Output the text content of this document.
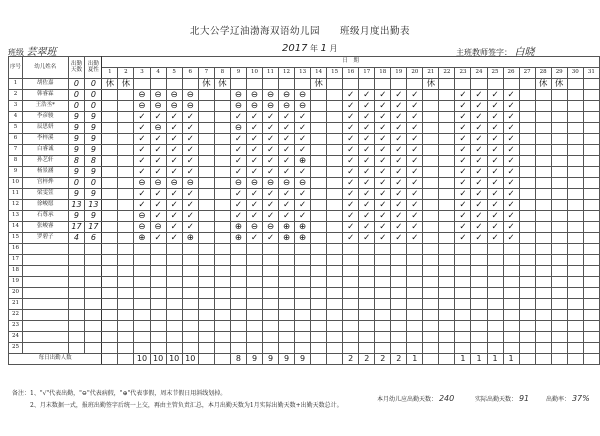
北大公学辽油渤海双语幼儿园　　班级月度出勤表
班级 芸翠班	2017 年 1 月	主班教师签字： 白晓
序号	幼儿姓名	出勤
天数	出勤
夏性	日　期																														
				1	2	3	4	5	6	7	8	9	10	11	12	13	14	15	16	17	18	19	20	21	22	23	24	25	26	27	28	29	30	31
1	胡佐嘉	0	0	休	休					休	休						休							休							休	休		
2	韩睿霖	0	0			⊖	⊖	⊖	⊖			⊖	⊖	⊖	⊖	⊖			✓	✓	✓	✓	✓			✓	✓	✓	✓					
3	王浩丞*	0	0			⊖	⊖	⊖	⊖			⊖	⊖	⊖	⊖	⊖			✓	✓	✓	✓	✓			✓	✓	✓	✓					
4	李彦骏	9	9			✓	✓	✓	✓			✓	✓	✓	✓	✓			✓	✓	✓	✓	✓			✓	✓	✓	✓					
5	辰思妍	9	9			✓	⊖	✓	✓			⊖	✓	✓	✓	✓			✓	✓	✓	✓	✓			✓	✓	✓	✓					
6	李梓溪	9	9			✓	✓	✓	✓			✓	✓	✓	✓	✓			✓	✓	✓	✓	✓			✓	✓	✓	✓					
7	白睿诚	9	9			✓	✓	✓	✓			✓	✓	✓	✓	✓			✓	✓	✓	✓	✓			✓	✓	✓	✓					
8	孙艺轩	8	8			✓	✓	✓	✓			✓	✓	✓	✓	⊕			✓	✓	✓	✓	✓			✓	✓	✓	✓					
9	杨景涵	9	9			✓	✓	✓	✓			✓	✓	✓	✓	✓			✓	✓	✓	✓	✓			✓	✓	✓	✓					
10	宫梓烨	0	0			⊖	⊖	⊖	⊖			⊖	⊖	⊖	⊖	⊖			✓	✓	✓	✓	✓			✓	✓	✓	✓					
11	梁雯萱	9	9			✓	✓	✓	✓			✓	✓	✓	✓	✓			✓	✓	✓	✓	✓			✓	✓	✓	✓					
12	徐峻愿	13	13			✓	✓	✓	✓			✓	✓	✓	✓	✓			✓	✓	✓	✓	✓			✓	✓	✓	✓					
13	石尊承	9	9			⊖	✓	✓	✓			✓	✓	✓	✓	✓			✓	✓	✓	✓	✓			✓	✓	✓	✓					
14	张峻睿	17	17			⊖	⊖	✓	✓			⊕	⊖	⊖	⊕	⊕			✓	✓	✓	✓	✓			✓	✓	✓	✓					
15	罗碧子	4	6			⊕	✓	✓	⊕			⊕	✓	✓	⊕	⊕			✓	✓	✓	✓	✓			✓	✓	✓	✓					
16																																		
17																																		
18																																		
19																																		
20																																		
21																																		
22																																		
23																																		
24																																		
25																																		
每日出勤人数						10	10	10	10			8	9	9	9	9			2	2	2	2	1			1	1	1	1					
备注：1、"√"代表出勤，"⊖"代表病假，"⊕"代表事假，周末节假日用斜线划掉。
　　　2、月末数据一式，报班出勤签字后统一上交，再由主管负责汇总，本月出勤天数为1月实际出勤天数+出勤天数总计。
本月幼儿应出勤天数： 240	实际出勤天数： 91	出勤率： 37%
